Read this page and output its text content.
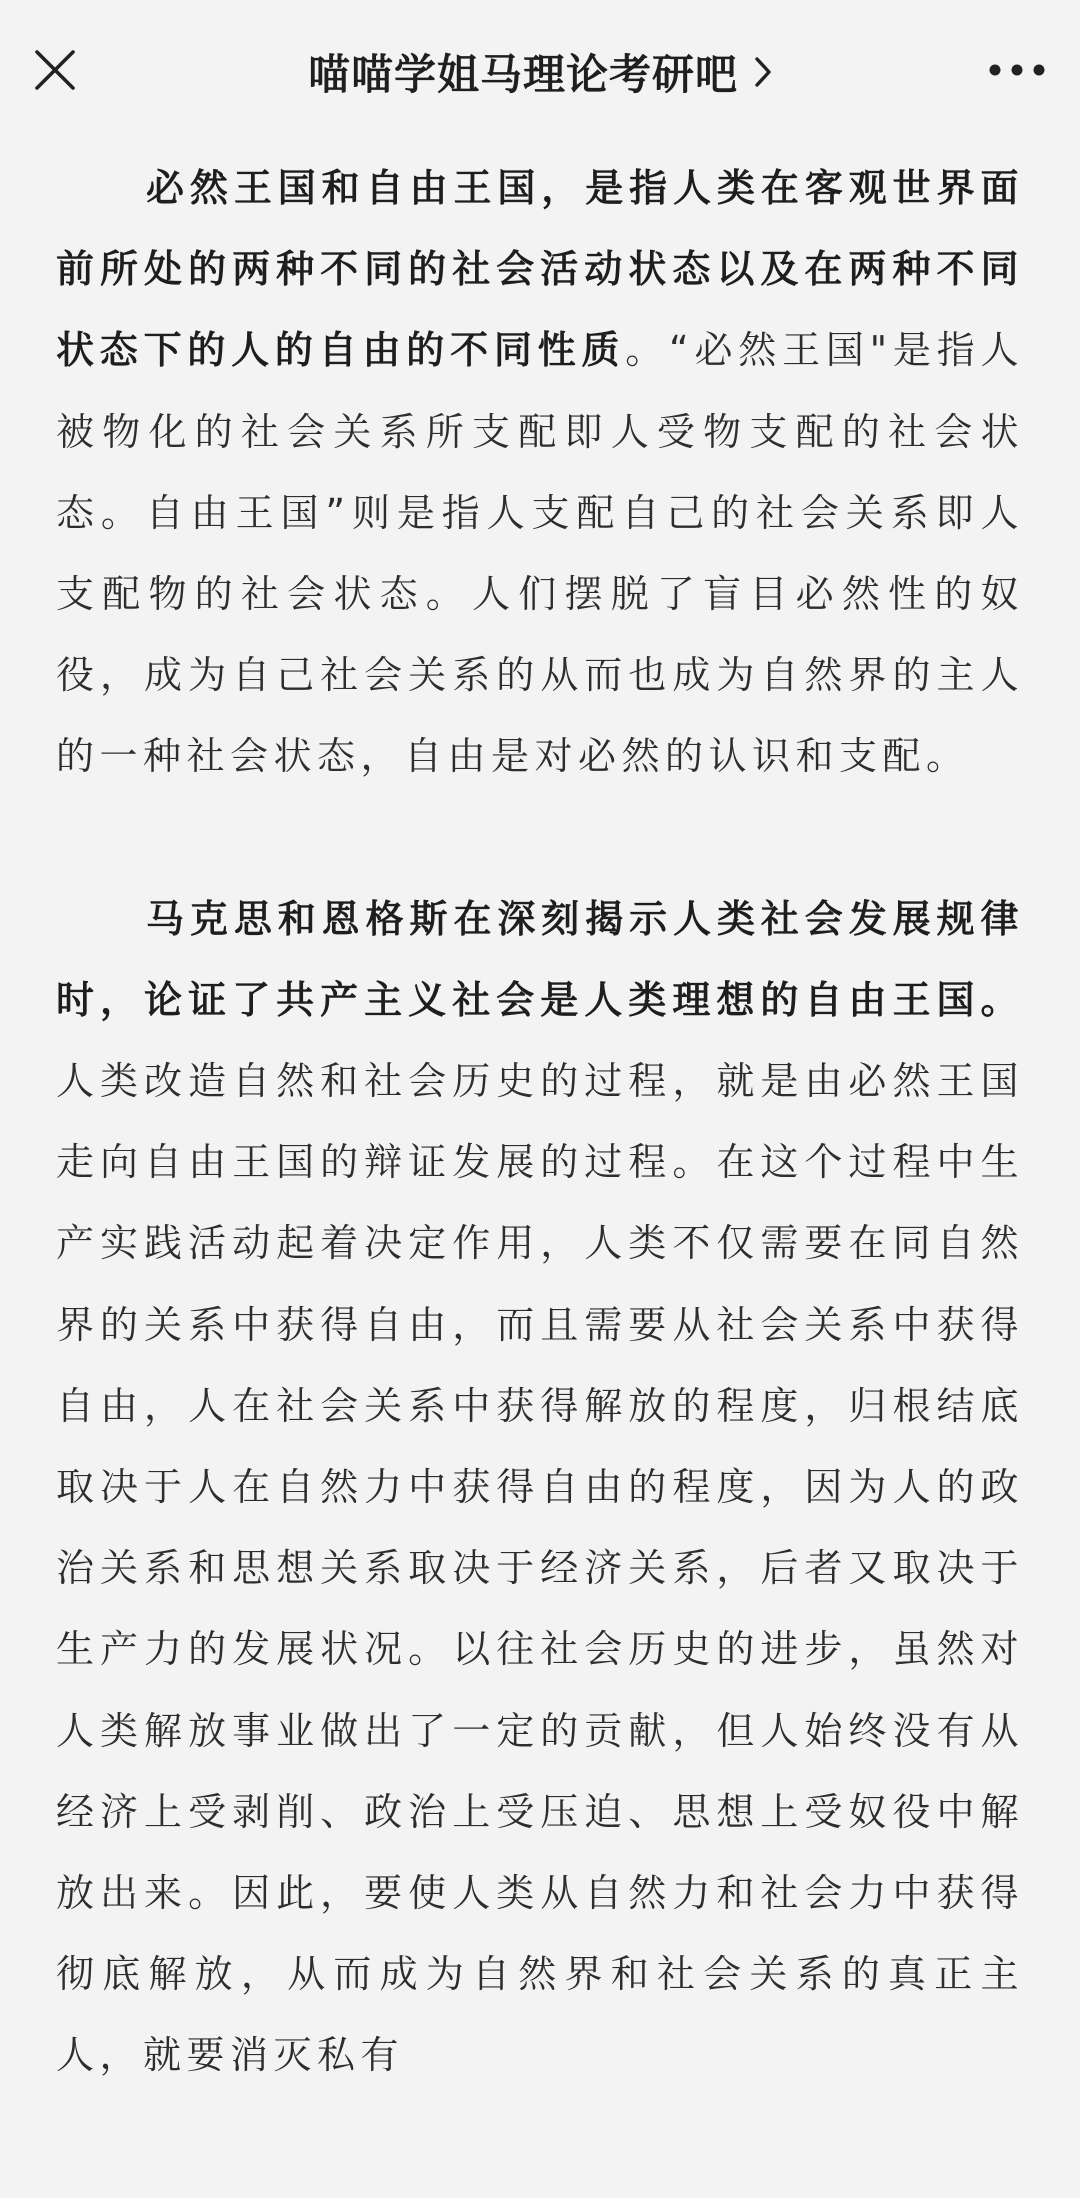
喵喵学姐马理论考研吧

必然王国和自由王国，是指人类在客观世界面前所处的两种不同的社会活动状态以及在两种不同状态下的人的自由的不同性质。“必然王国"是指人被物化的社会关系所支配即人受物支配的社会状态。自由王国”则是指人支配自己的社会关系即人支配物的社会状态。人们摆脱了盲目必然性的奴役，成为自己社会关系的从而也成为自然界的主人的一种社会状态，自由是对必然的认识和支配。

马克思和恩格斯在深刻揭示人类社会发展规律时，论证了共产主义社会是人类理想的自由王国。人类改造自然和社会历史的过程，就是由必然王国走向自由王国的辩证发展的过程。在这个过程中生产实践活动起着决定作用，人类不仅需要在同自然界的关系中获得自由，而且需要从社会关系中获得自由，人在社会关系中获得解放的程度，归根结底取决于人在自然力中获得自由的程度，因为人的政治关系和思想关系取决于经济关系，后者又取决于生产力的发展状况。以往社会历史的进步，虽然对人类解放事业做出了一定的贡献，但人始终没有从经济上受剥削、政治上受压迫、思想上受奴役中解放出来。因此，要使人类从自然力和社会力中获得彻底解放，从而成为自然界和社会关系的真正主人，就要消灭私有
